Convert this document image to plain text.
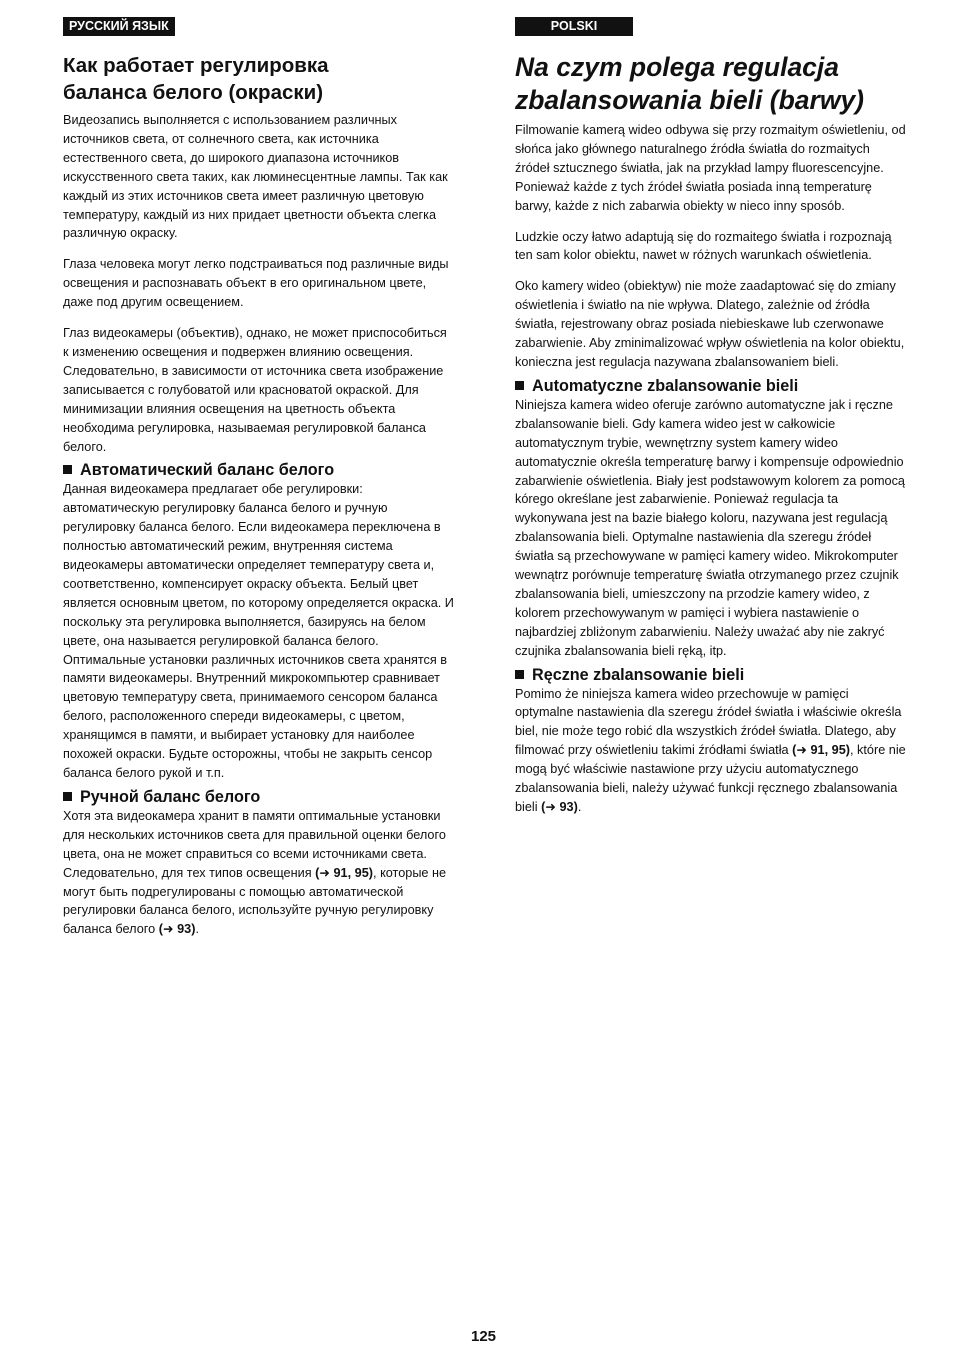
РУССКИЙ ЯЗЫК
Как работает регулировка
баланса белого (окраски)

Видеозапись выполняется с использованием различных источников света, от солнечного света, как источника естественного света, до широкого диапазона источников искусственного света таких, как люминесцентные лампы. Так как каждый из этих источников света имеет различную цветовую температуру, каждый из них придает цветности объекта слегка различную окраску.

Глаза человека могут легко подстраиваться под различные виды освещения и распознавать объект в его оригинальном цвете, даже под другим освещением.

Глаз видеокамеры (объектив), однако, не может приспособиться к изменению освещения и подвержен влиянию освещения. Следовательно, в зависимости от источника света изображение записывается с голубоватой или красноватой окраской. Для минимизации влияния освещения на цветность объекта необходима регулировка, называемая регулировкой баланса белого.

Автоматический баланс белого

Данная видеокамера предлагает обе регулировки: автоматическую регулировку баланса белого и ручную регулировку баланса белого. Если видеокамера переключена в полностью автоматический режим, внутренняя система видеокамеры автоматически определяет температуру света и, соответственно, компенсирует окраску объекта. Белый цвет является основным цветом, по которому определяется окраска. И поскольку эта регулировка выполняется, базируясь на белом цвете, она называется регулировкой баланса белого. Оптимальные установки различных источников света хранятся в памяти видеокамеры. Внутренний микрокомпьютер сравнивает цветовую температуру света, принимаемого сенсором баланса белого, расположенного спереди видеокамеры, с цветом, хранящимся в памяти, и выбирает установку для наиболее похожей окраски. Будьте осторожны, чтобы не закрыть сенсор баланса белого рукой и т.п.

Ручной баланс белого

Хотя эта видеокамера хранит в памяти оптимальные установки для нескольких источников света для правильной оценки белого цвета, она не может справиться со всеми источниками света. Следовательно, для тех типов освещения (➜ 91, 95), которые не могут быть подрегулированы с помощью автоматической регулировки баланса белого, используйте ручную регулировку баланса белого (➜ 93).

POLSKI
Na czym polega regulacja
zbalansowania bieli (barwy)

Filmowanie kamerą wideo odbywa się przy rozmaitym oświetleniu, od słońca jako głównego naturalnego źródła światła do rozmaitych źródeł sztucznego światła, jak na przykład lampy fluorescencyjne. Ponieważ każde z tych źródeł światła posiada inną temperaturę barwy, każde z nich zabarwia obiekty w nieco inny sposób.

Ludzkie oczy łatwo adaptują się do rozmaitego światła i rozpoznają ten sam kolor obiektu, nawet w różnych warunkach oświetlenia.

Oko kamery wideo (obiektyw) nie może zaadaptować się do zmiany oświetlenia i światło na nie wpływa. Dlatego, zależnie od źródła światła, rejestrowany obraz posiada niebieskawe lub czerwonawe zabarwienie. Aby zminimalizować wpływ oświetlenia na kolor obiektu, konieczna jest regulacja nazywana zbalansowaniem bieli.

Automatyczne zbalansowanie bieli

Niniejsza kamera wideo oferuje zarówno automatyczne jak i ręczne zbalansowanie bieli. Gdy kamera wideo jest w całkowicie automatycznym trybie, wewnętrzny system kamery wideo automatycznie określa temperaturę barwy i kompensuje odpowiednio zabarwienie oświetlenia. Biały jest podstawowym kolorem za pomocą kórego określane jest zabarwienie. Ponieważ regulacja ta wykonywana jest na bazie białego koloru, nazywana jest regulacją zbalansowania bieli. Optymalne nastawienia dla szeregu źródeł światła są przechowywane w pamięci kamery wideo. Mikrokomputer wewnątrz porównuje temperaturę światła otrzymanego przez czujnik zbalansowania bieli, umieszczony na przodzie kamery wideo, z kolorem przechowywanym w pamięci i wybiera nastawienie o najbardziej zbliżonym zabarwieniu. Należy uważać aby nie zakryć czujnika zbalansowania bieli ręką, itp.

Ręczne zbalansowanie bieli

Pomimo że niniejsza kamera wideo przechowuje w pamięci optymalne nastawienia dla szeregu źródeł światła i właściwie określa biel, nie może tego robić dla wszystkich źródeł światła. Dlatego, aby filmować przy oświetleniu takimi źródłami światła (➜ 91, 95), które nie mogą być właściwie nastawione przy użyciu automatycznego zbalansowania bieli, należy używać funkcji ręcznego zbalansowania bieli (➜ 93).

125
